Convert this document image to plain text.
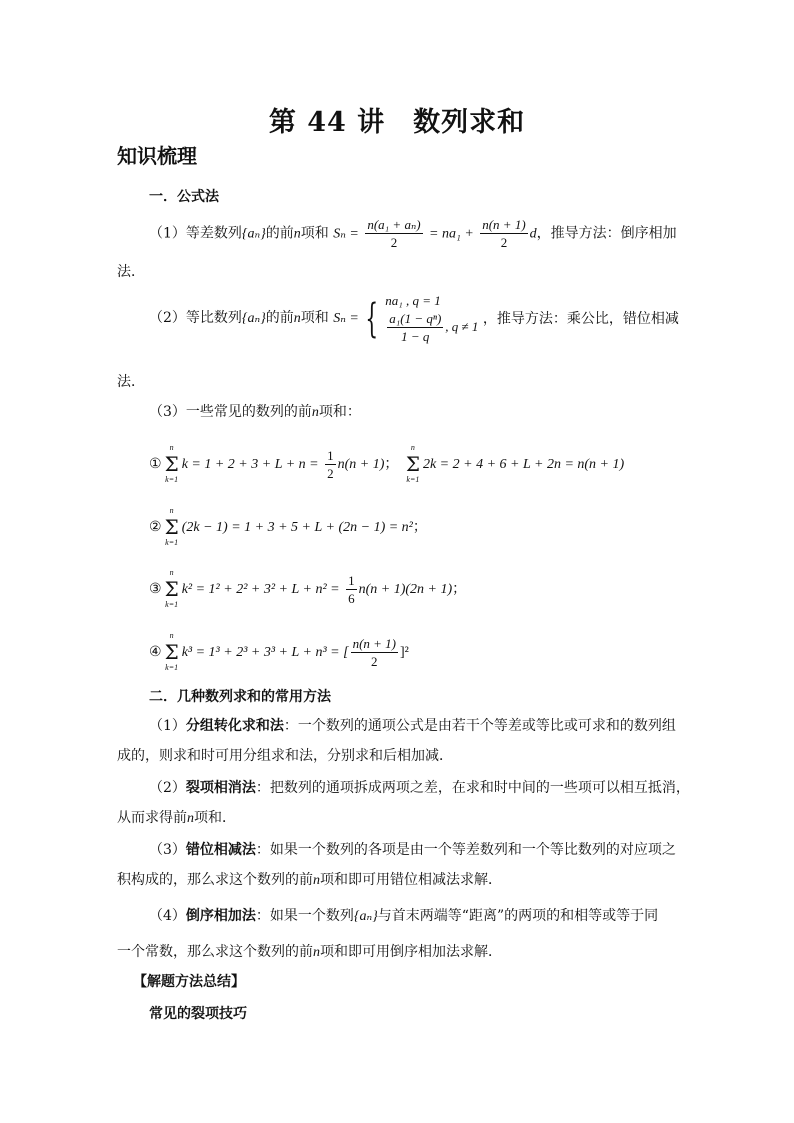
第 44 讲　数列求和
知识梳理
一．公式法
（1）等差数列{aₙ}的前n项和 $S_n = \frac{\text{n(a₁ + aₙ)}}{2} = na_1 + \frac{n(n + 1)}{2}$ d，推导方法：倒序相加
法．
（2）等比数列{aₙ}的前n项和 Sₙ = { na₁ , q = 1
$\frac{\text{a₁(1 − qⁿ)}}{1 - q}$ , q ≠ 1 ，推导方法：乘公比，错位相减
法．
（3）一些常见的数列的前n项和：
①
n
Σ
k=1
$k = 1 + 2 + 3 + L + n = \frac{1}{2} n(n + 1)$；
n
Σ
k=1
2k = 2 + 4 + 6 + L + 2n = n(n + 1)
②
n
Σ
k=1
(2k − 1) = 1 + 3 + 5 + L + (2n − 1) = n²；
③
n
Σ
k=1
$k^2 = 1^2 + 2^2 + 3^2 + L + n^2 = \frac{1}{6} n(n + 1)(2n + 1)$；
④
n
Σ
k=1
k³ = 1³ + 2³ + 3³ + L + n³ = [ $\frac{n(n + 1)}{2} ]^2$
二．几种数列求和的常用方法
（1）分组转化求和法：一个数列的通项公式是由若干个等差或等比或可求和的数列组
成的，则求和时可用分组求和法，分别求和后相加减．
（2）裂项相消法：把数列的通项拆成两项之差，在求和时中间的一些项可以相互抵消，
从而求得前n项和．
（3）错位相减法：如果一个数列的各项是由一个等差数列和一个等比数列的对应项之
积构成的，那么求这个数列的前n项和即可用错位相减法求解．
（4）倒序相加法：如果一个数列{aₙ}与首末两端等“距离”的两项的和相等或等于同
一个常数，那么求这个数列的前n项和即可用倒序相加法求解．
【解题方法总结】
常见的裂项技巧
